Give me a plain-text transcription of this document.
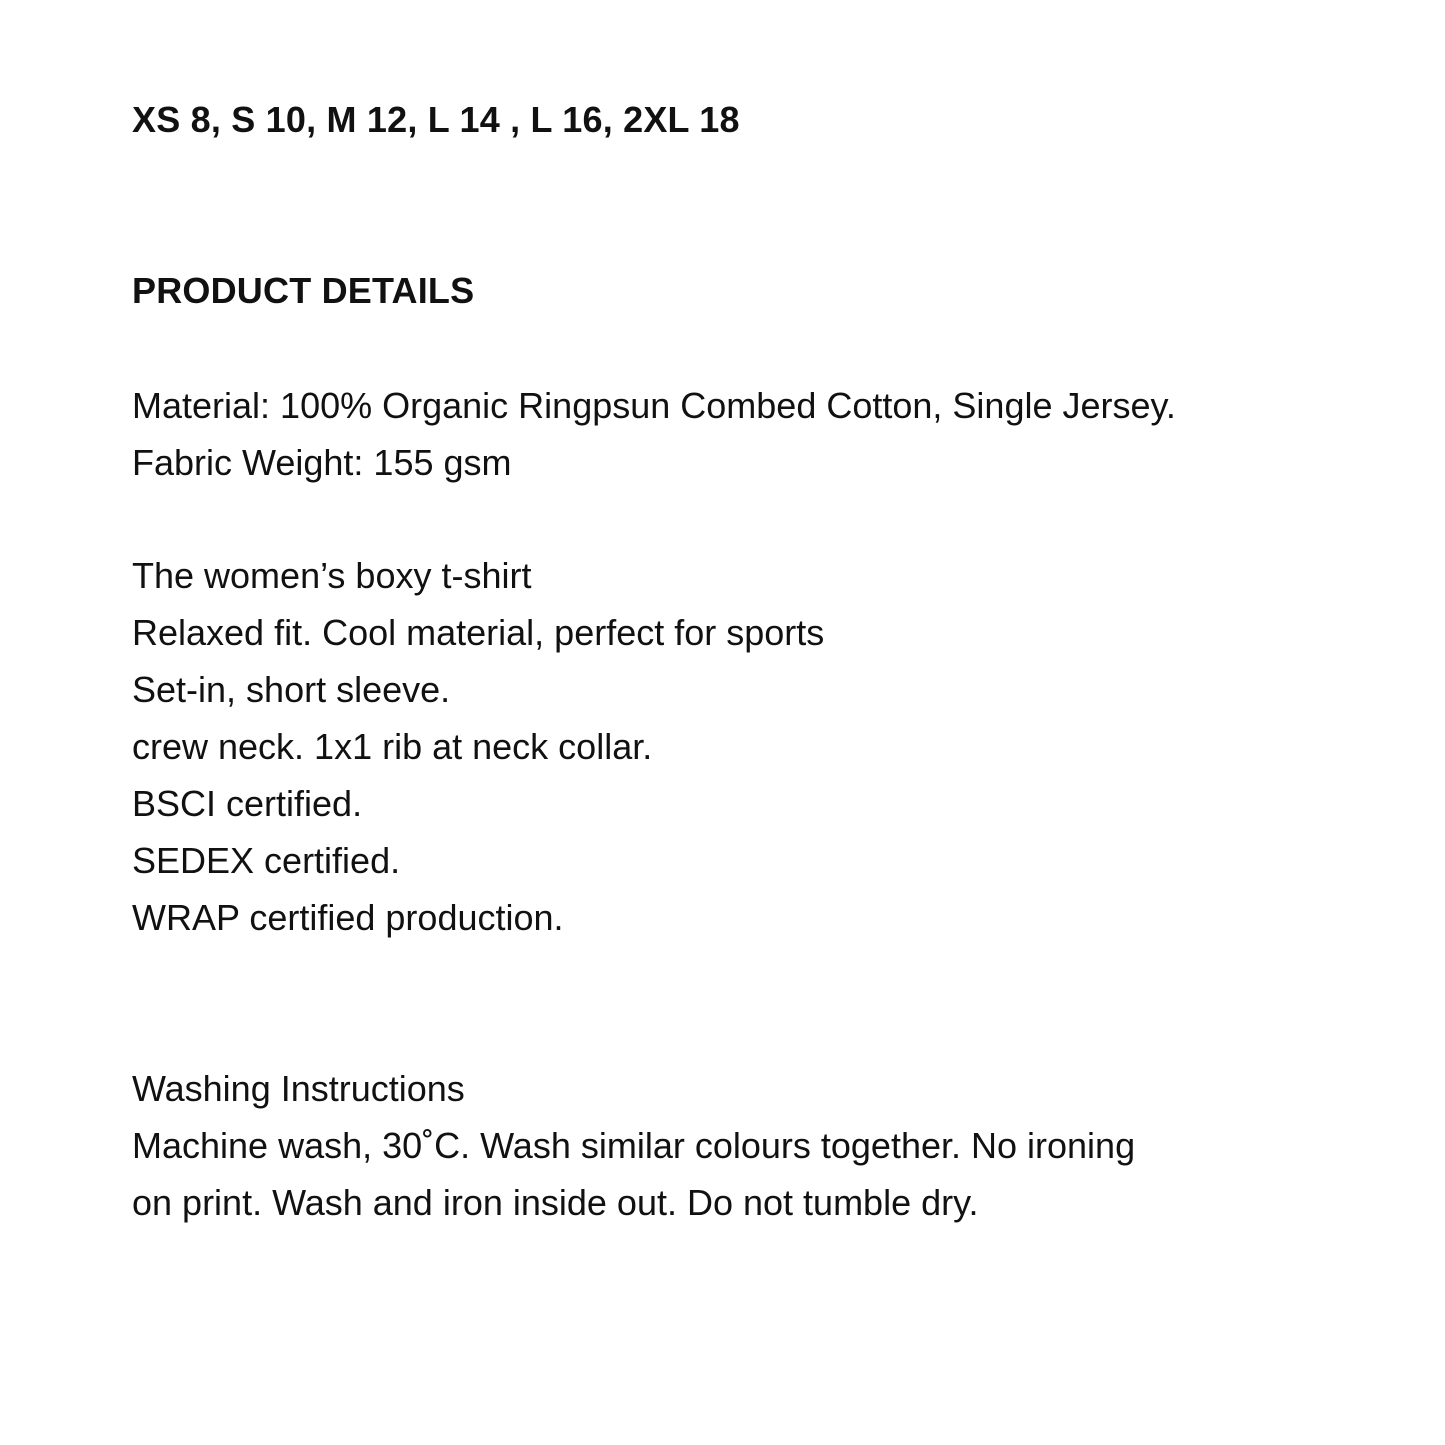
XS 8, S 10, M 12, L 14 , L 16, 2XL 18

PRODUCT DETAILS

Material: 100% Organic Ringpsun Combed Cotton, Single Jersey.
Fabric Weight: 155 gsm

The women’s boxy t-shirt
Relaxed fit. Cool material, perfect for sports
Set-in, short sleeve.
crew neck. 1x1 rib at neck collar.
BSCI certified.
SEDEX certified.
WRAP certified production.

Washing Instructions
Machine wash, 30˚C. Wash similar colours together. No ironing
on print. Wash and iron inside out. Do not tumble dry.
